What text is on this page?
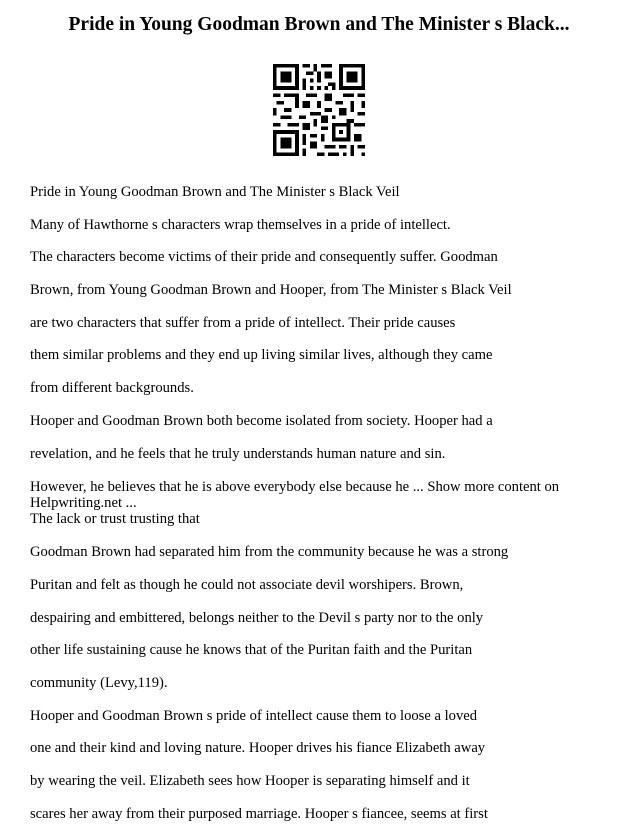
Pride in Young Goodman Brown and The Minister s Black...
Pride in Young Goodman Brown and The Minister s Black Veil
Many of Hawthorne s characters wrap themselves in a pride of intellect.
The characters become victims of their pride and consequently suffer. Goodman
Brown, from Young Goodman Brown and Hooper, from The Minister s Black Veil
are two characters that suffer from a pride of intellect. Their pride causes
them similar problems and they end up living similar lives, although they came
from different backgrounds.
Hooper and Goodman Brown both become isolated from society. Hooper had a
revelation, and he feels that he truly understands human nature and sin.
However, he believes that he is above everybody else because he ... Show more content on
Helpwriting.net ...
The lack or trust trusting that
Goodman Brown had separated him from the community because he was a strong
Puritan and felt as though he could not associate devil worshipers. Brown,
despairing and embittered, belongs neither to the Devil s party nor to the only
other life sustaining cause he knows that of the Puritan faith and the Puritan
community (Levy,119).
Hooper and Goodman Brown s pride of intellect cause them to loose a loved
one and their kind and loving nature. Hooper drives his fiance Elizabeth away
by wearing the veil. Elizabeth sees how Hooper is separating himself and it
scares her away from their purposed marriage. Hooper s fiancee, seems at first
